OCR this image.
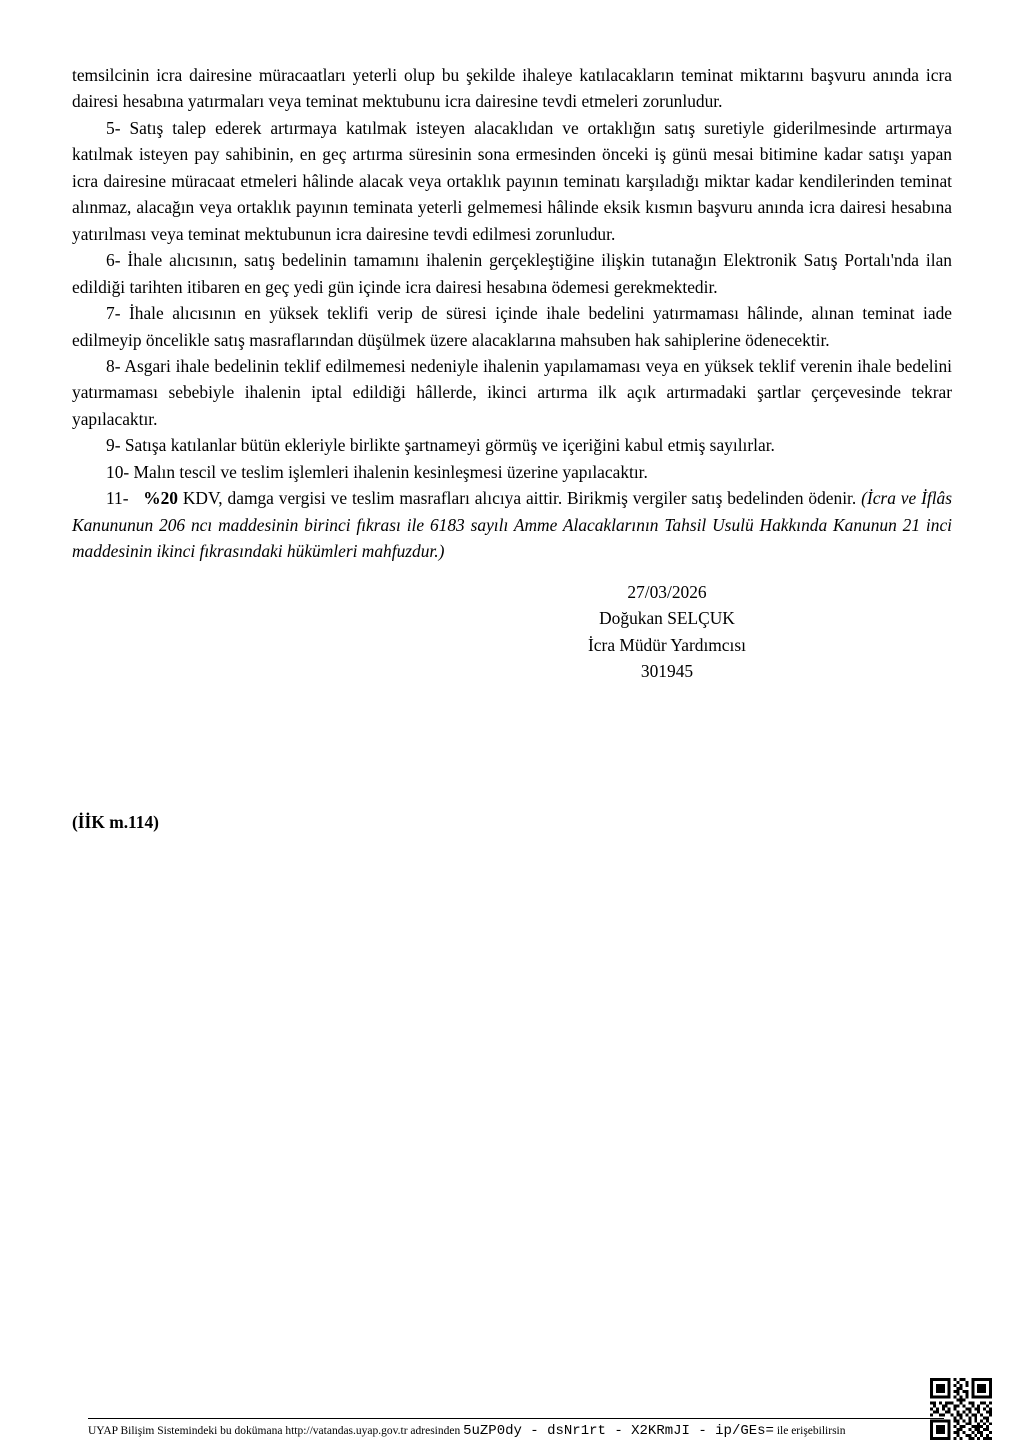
temsilcinin icra dairesine müracaatları yeterli olup bu şekilde ihaleye katılacakların teminat miktarını başvuru anında icra dairesi hesabına yatırmaları veya teminat mektubunu icra dairesine tevdi etmeleri zorunludur.

5- Satış talep ederek artırmaya katılmak isteyen alacaklıdan ve ortaklığın satış suretiyle giderilmesinde artırmaya katılmak isteyen pay sahibinin, en geç artırma süresinin sona ermesinden önceki iş günü mesai bitimine kadar satışı yapan icra dairesine müracaat etmeleri hâlinde alacak veya ortaklık payının teminatı karşıladığı miktar kadar kendilerinden teminat alınmaz, alacağın veya ortaklık payının teminata yeterli gelmemesi hâlinde eksik kısmın başvuru anında icra dairesi hesabına yatırılması veya teminat mektubunun icra dairesine tevdi edilmesi zorunludur.

6- İhale alıcısının, satış bedelinin tamamını ihalenin gerçekleştiğine ilişkin tutanağın Elektronik Satış Portalı'nda ilan edildiği tarihten itibaren en geç yedi gün içinde icra dairesi hesabına ödemesi gerekmektedir.

7- İhale alıcısının en yüksek teklifi verip de süresi içinde ihale bedelini yatırmaması hâlinde, alınan teminat iade edilmeyip öncelikle satış masraflarından düşülmek üzere alacaklarına mahsuben hak sahiplerine ödenecektir.

8- Asgari ihale bedelinin teklif edilmemesi nedeniyle ihalenin yapılamaması veya en yüksek teklif verenin ihale bedelini yatırmaması sebebiyle ihalenin iptal edildiği hâllerde, ikinci artırma ilk açık artırmadaki şartlar çerçevesinde tekrar yapılacaktır.

9- Satışa katılanlar bütün ekleriyle birlikte şartnameyi görmüş ve içeriğini kabul etmiş sayılırlar.

10- Malın tescil ve teslim işlemleri ihalenin kesinleşmesi üzerine yapılacaktır.

11- %20 KDV, damga vergisi ve teslim masrafları alıcıya aittir. Birikmiş vergiler satış bedelinden ödenir. (İcra ve İflâs Kanununun 206 ncı maddesinin birinci fıkrası ile 6183 sayılı Amme Alacaklarının Tahsil Usulü Hakkında Kanunun 21 inci maddesinin ikinci fıkrasındaki hükümleri mahfuzdur.)

27/03/2026
Doğukan SELÇUK
İcra Müdür Yardımcısı
301945
(İİK m.114)
UYAP Bilişim Sistemindeki bu dokümana http://vatandas.uyap.gov.tr adresinden 5uZP0dy - dsNr1rt - X2KRmJI - ip/GEs= ile erişebilirsin
